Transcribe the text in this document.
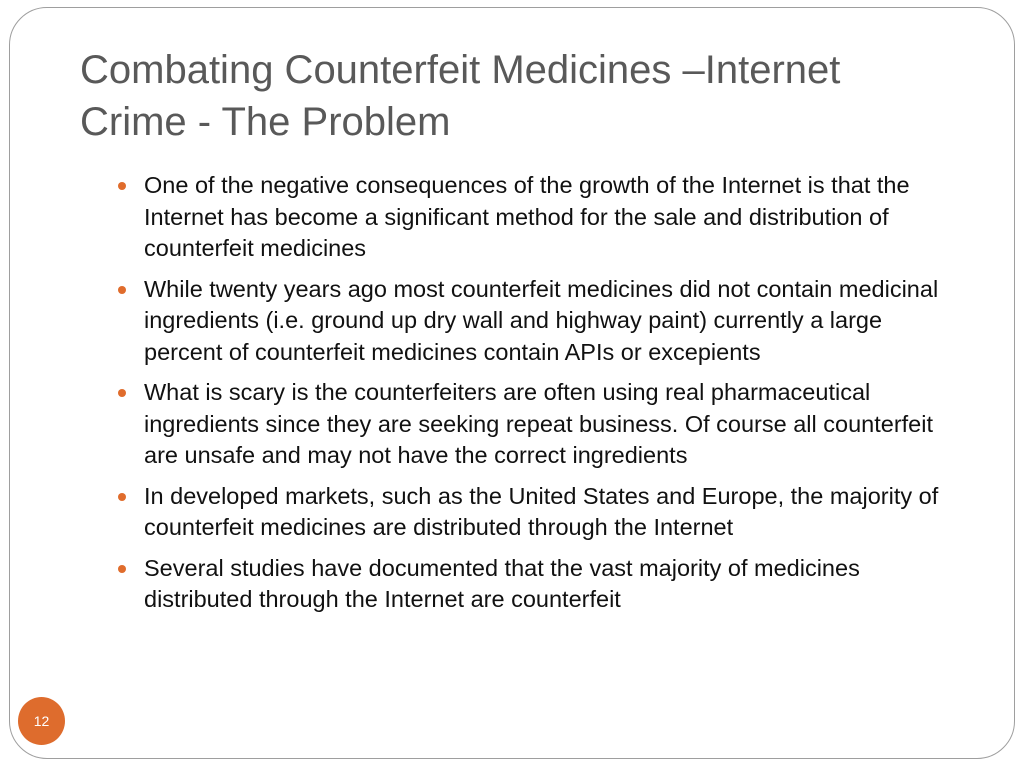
Combating Counterfeit Medicines –Internet
Crime - The Problem
One of the negative consequences of the growth of the Internet is that the Internet has become a significant method for the sale and distribution of counterfeit medicines
While twenty years ago most counterfeit medicines did not contain medicinal ingredients (i.e. ground up dry wall and highway paint) currently a large percent of counterfeit medicines contain APIs or excepients
What is scary is the counterfeiters are often using real pharmaceutical ingredients since they are seeking repeat business. Of course all counterfeit are unsafe and may not have the correct ingredients
In developed markets, such as the United States and Europe, the majority of counterfeit medicines are distributed through the Internet
Several studies have documented that the vast majority of medicines distributed through the Internet are counterfeit
12
